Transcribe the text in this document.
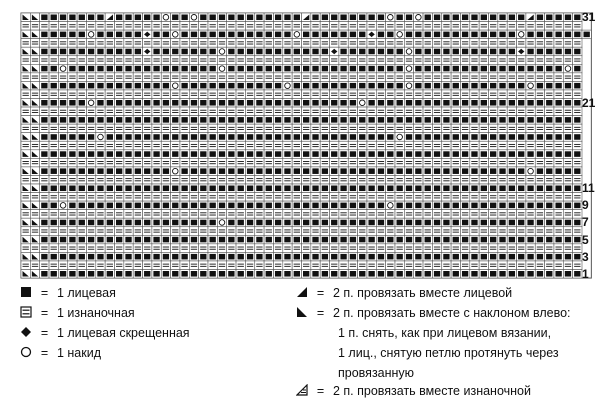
31
21
11
9
7
5
3
1
= 1 лицевая
= 1 изнаночная
= 1 лицевая скрещенная
= 1 накид
= 2 п. провязать вместе лицевой
= 2 п. провязать вместе с наклоном влево:
1 п. снять, как при лицевом вязании,
1 лиц., снятую петлю протянуть через
провязанную
= 2 п. провязать вместе изнаночной
